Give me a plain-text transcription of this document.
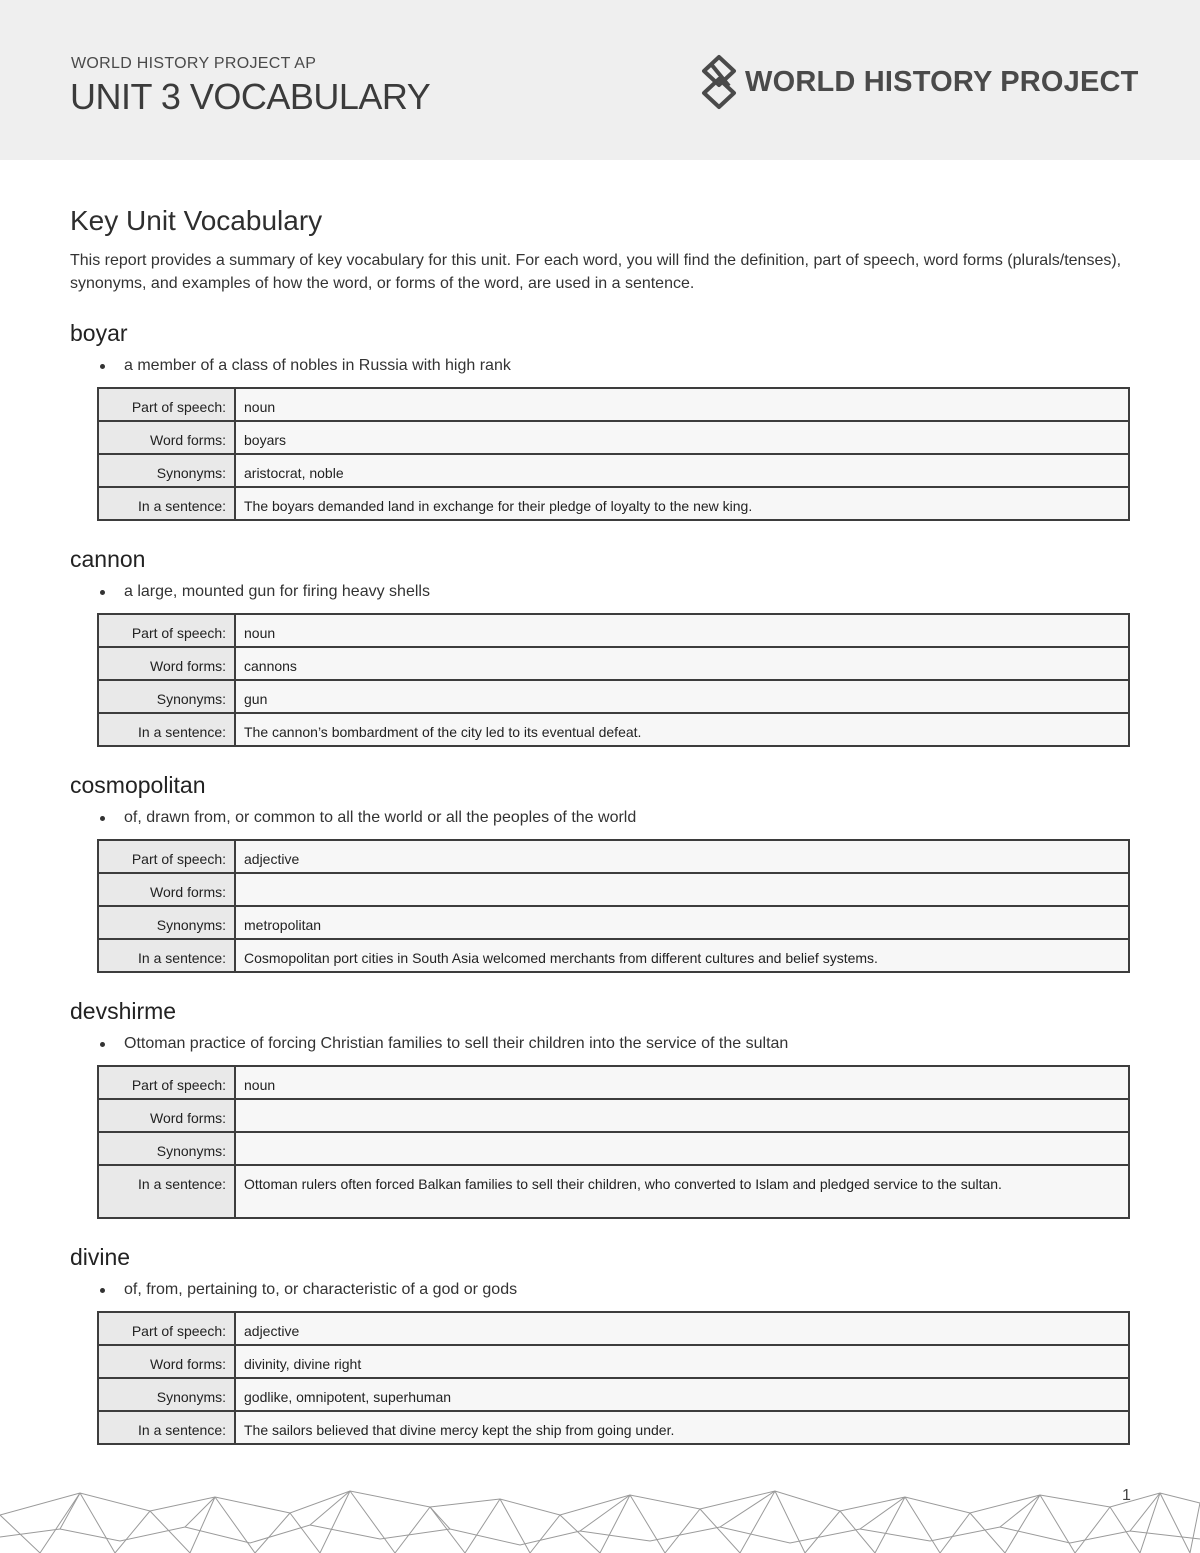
WORLD HISTORY PROJECT AP
UNIT 3 VOCABULARY	WORLD HISTORY PROJECT
Key Unit Vocabulary

This report provides a summary of key vocabulary for this unit. For each word, you will find the definition, part of speech, word forms (plurals/tenses), synonyms, and examples of how the word, or forms of the word, are used in a sentence.

boyar
a member of a class of nobles in Russia with high rank
Part of speech:	noun
Word forms:	boyars
Synonyms:	aristocrat, noble
In a sentence:	The boyars demanded land in exchange for their pledge of loyalty to the new king.
cannon
a large, mounted gun for firing heavy shells
Part of speech:	noun
Word forms:	cannons
Synonyms:	gun
In a sentence:	The cannon’s bombardment of the city led to its eventual defeat.
cosmopolitan
of, drawn from, or common to all the world or all the peoples of the world
Part of speech:	adjective
Word forms:	
Synonyms:	metropolitan
In a sentence:	Cosmopolitan port cities in South Asia welcomed merchants from different cultures and belief systems.
devshirme
Ottoman practice of forcing Christian families to sell their children into the service of the sultan
Part of speech:	noun
Word forms:	
Synonyms:	
In a sentence:	Ottoman rulers often forced Balkan families to sell their children, who converted to Islam and pledged service to the sultan.
divine
of, from, pertaining to, or characteristic of a god or gods
Part of speech:	adjective
Word forms:	divinity, divine right
Synonyms:	godlike, omnipotent, superhuman
In a sentence:	The sailors believed that divine mercy kept the ship from going under.
1
